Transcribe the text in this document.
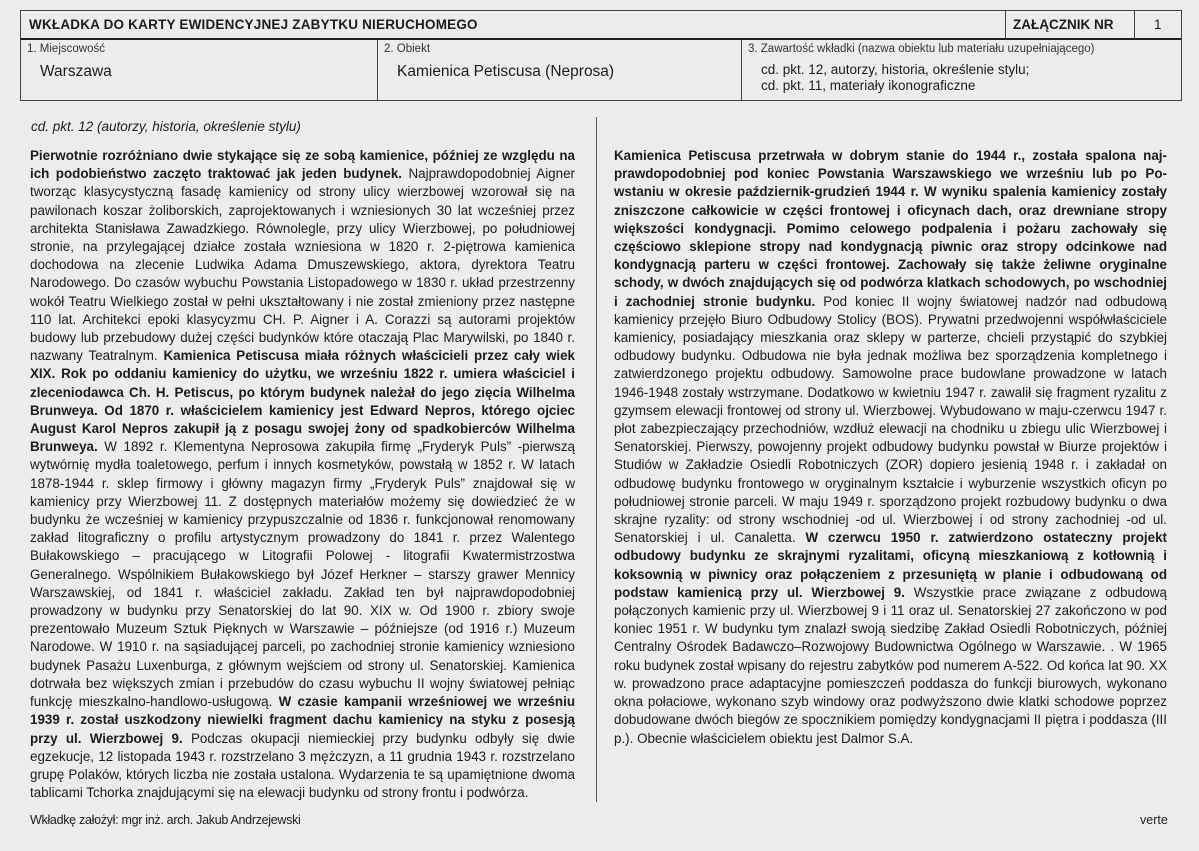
WKŁADKA DO KARTY EWIDENCYJNEJ ZABYTKU NIERUCHOMEGO	ZAŁĄCZNIK NR	1
1. Miejscowość
Warszawa
2. Obiekt
Kamienica Petiscusa (Neprosa)
3. Zawartość wkładki (nazwa obiektu lub materiału uzupełniającego)
cd. pkt. 12, autorzy, historia, określenie stylu;
cd. pkt. 11, materiały ikonograficzne
cd. pkt. 12 (autorzy, historia, określenie stylu)

Pierwotnie rozróżniano dwie stykające się ze sobą kamienice, później ze względu na ich podobieństwo zaczęto traktować jak jeden budynek. Najprawdopodobniej Aigner tworząc klasycystyczną fasadę kamienicy od strony ulicy wierzbowej wzorował się na pawilonach koszar żoliborskich, zaprojektowanych i wzniesionych 30 lat wcześniej przez architekta Stanisława Zawadzkiego. Równolegle, przy ulicy Wierzbowej, po południowej stronie, na przylegającej działce została wzniesiona w 1820 r. 2-piętrowa kamienica dochodowa na zlecenie Ludwika Adama Dmuszewskiego, aktora, dyrektora Teatru Narodowego. Do czasów wybuchu Powstania Listopadowego w 1830 r. układ przestrzenny wokół Teatru Wielkiego został w pełni ukształtowany i nie został zmieniony przez następne 110 lat. Architekci epoki klasycyzmu CH. P. Aigner i A. Corazzi są autorami projektów budowy lub przebudowy dużej części budynków które otaczają Plac Marywilski, po 1840 r. nazwany Teatralnym. Kamienica Petiscusa miała różnych właścicieli przez cały wiek XIX. Rok po oddaniu kamienicy do użytku, we wrześniu 1822 r. umiera właściciel i zleceniodawca Ch. H. Petiscus, po którym budynek należał do jego zięcia Wilhelma Brunweya. Od 1870 r. właścicielem kamienicy jest Edward Nepros, którego ojciec August Karol Nepros zakupił ją z posagu swojej żony od spadkobierców Wilhelma Brunweya. W 1892 r. Klementyna Neprosowa zakupiła firmę „Fryderyk Puls” -pierwszą wytwórnię mydła toaletowego, perfum i innych kosmetyków, powstałą w 1852 r. W latach 1878-1944 r. sklep firmowy i główny magazyn firmy „Fryderyk Puls” znajdował się w kamienicy przy Wierzbowej 11. Z dostępnych materiałów możemy się dowiedzieć że w budynku że wcześniej w kamienicy przypuszczalnie od 1836 r. funkcjonował renomowany zakład litograficzny o profilu artystycznym prowadzony do 1841 r. przez Walentego Bułakowskiego – pracującego w Litografii Polowej - litografii Kwatermistrzostwa Generalnego. Wspólnikiem Bułakowskiego był Józef Herkner – starszy grawer Mennicy Warszawskiej, od 1841 r. właściciel zakładu. Zakład ten był najprawdopodobniej prowadzony w budynku przy Senatorskiej do lat 90. XIX w. Od 1900 r. zbiory swoje prezentowało Muzeum Sztuk Pięknych w Warszawie – późniejsze (od 1916 r.) Muzeum Narodowe. W 1910 r. na sąsiadującej parceli, po zachodniej stronie kamienicy wzniesiono budynek Pasażu Luxenburga, z głównym wejściem od strony ul. Senatorskiej. Kamienica dotrwała bez większych zmian i przebudów do czasu wybuchu II wojny światowej pełniąc funkcję mieszkalno-handlowo-usługową. W czasie kampanii wrześniowej we wrześniu 1939 r. został uszkodzony niewielki fragment dachu kamienicy na styku z posesją przy ul. Wierzbowej 9. Podczas okupacji niemieckiej przy budynku odbyły się dwie egzekucje, 12 listopada 1943 r. rozstrzelano 3 mężczyzn, a 11 grudnia 1943 r. rozstrzelano grupę Polaków, których liczba nie została ustalona. Wydarzenia te są upamiętnione dwoma tablicami Tchorka znajdującymi się na elewacji budynku od strony frontu i podwórza.

Kamienica Petiscusa przetrwała w dobrym stanie do 1944 r., została spalona najprawdopodobniej pod koniec Powstania Warszawskiego we wrześniu lub po Powstaniu w okresie październik-grudzień 1944 r. W wyniku spalenia kamienicy zostały zniszczone całkowicie w części frontowej i oficynach dach, oraz drewniane stropy większości kondygnacji. Pomimo celowego podpalenia i pożaru zachowały się częściowo sklepione stropy nad kondygnacją piwnic oraz stropy odcinkowe nad kondygnacją parteru w części frontowej. Zachowały się także żeliwne oryginalne schody, w dwóch znajdujących się od podwórza klatkach schodowych, po wschodniej i zachodniej stronie budynku. Pod koniec II wojny światowej nadzór nad odbudową kamienicy przejęło Biuro Odbudowy Stolicy (BOS). Prywatni przedwojenni współwłaściciele kamienicy, posiadający mieszkania oraz sklepy w parterze, chcieli przystąpić do szybkiej odbudowy budynku. Odbudowa nie była jednak możliwa bez sporządzenia kompletnego i zatwierdzonego projektu odbudowy. Samowolne prace budowlane prowadzone w latach 1946-1948 zostały wstrzymane. Dodatkowo w kwietniu 1947 r. zawalił się fragment ryzalitu z gzymsem elewacji frontowej od strony ul. Wierzbowej. Wybudowano w maju-czerwcu 1947 r. płot zabezpieczający przechodniów, wzdłuż elewacji na chodniku u zbiegu ulic Wierzbowej i Senatorskiej. Pierwszy, powojenny projekt odbudowy budynku powstał w Biurze projektów i Studiów w Zakładzie Osiedli Robotniczych (ZOR) dopiero jesienią 1948 r. i zakładał on odbudowę budynku frontowego w oryginalnym kształcie i wyburzenie wszystkich oficyn po południowej stronie parceli. W maju 1949 r. sporządzono projekt rozbudowy budynku o dwa skrajne ryzality: od strony wschodniej -od ul. Wierzbowej i od strony zachodniej -od ul. Senatorskiej i ul. Canaletta. W czerwcu 1950 r. zatwierdzono ostateczny projekt odbudowy budynku ze skrajnymi ryzalitami, oficyną mieszkaniową z kotłownią i koksownią w piwnicy oraz połączeniem z przesuniętą w planie i odbudowaną od podstaw kamienicą przy ul. Wierzbowej 9. Wszystkie prace związane z odbudową połączonych kamienic przy ul. Wierzbowej 9 i 11 oraz ul. Senatorskiej 27 zakończono w pod koniec 1951 r. W budynku tym znalazł swoją siedzibę Zakład Osiedli Robotniczych, później Centralny Ośrodek Badawczo–Rozwojowy Budownictwa Ogólnego w Warszawie. . W 1965 roku budynek został wpisany do rejestru zabytków pod numerem A-522. Od końca lat 90. XX w. prowadzono prace adaptacyjne pomieszczeń poddasza do funkcji biurowych, wykonano okna połaciowe, wykonano szyb windowy oraz podwyższono dwie klatki schodowe poprzez dobudowane dwóch biegów ze spocznikiem pomiędzy kondygnacjami II piętra i poddasza (III p.). Obecnie właścicielem obiektu jest Dalmor S.A.

Wkładkę założył: mgr inż. arch. Jakub Andrzejewski	verte
